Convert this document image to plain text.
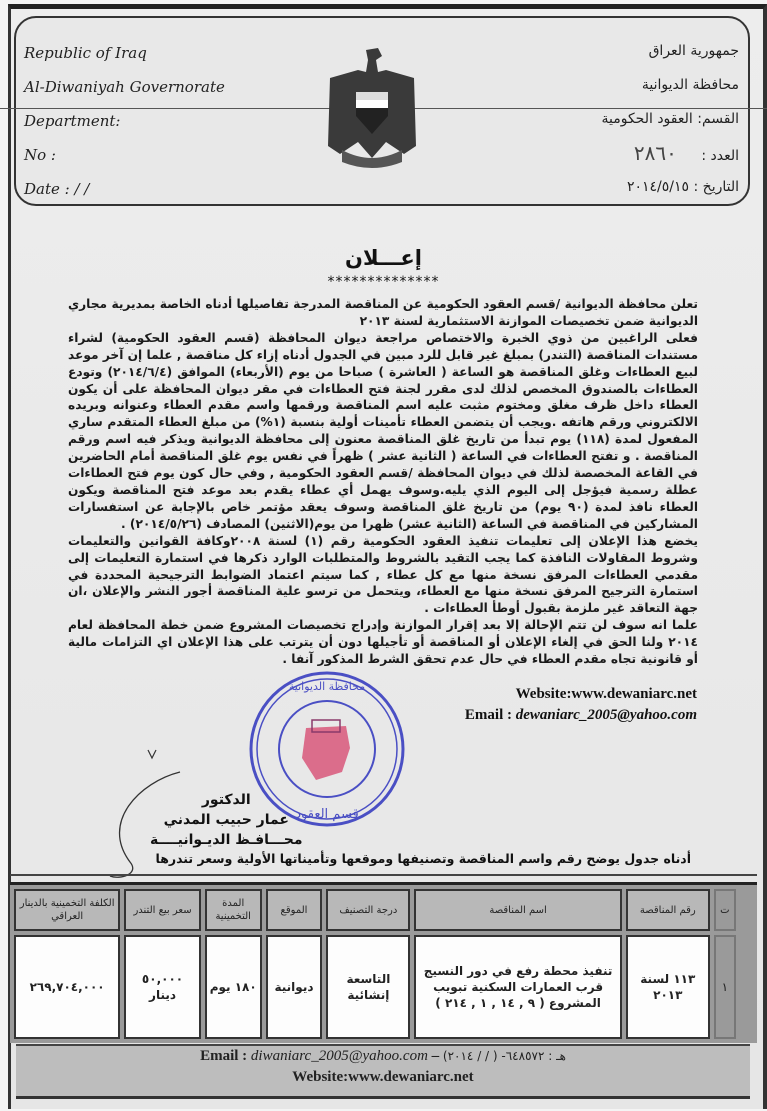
Republic of Iraq
Al-Diwaniyah Governorate
Department:
No :
Date : / /
جمهورية العراق
محافظة الديوانية
القسم: العقود الحكومية
العدد : ٢٨٦٠
التاريخ : ٢٠١٤/٥/١٥
إعـــلان
**************

تعلن محافظة الديوانية /قسم العقود الحكومية عن المناقصة المدرجة تفاصيلها أدناه الخاصة بمديرية مجاري الديوانية ضمن تخصيصات الموازنة الاستثمارية لسنة ٢٠١٣

فعلى الراغبين من ذوي الخبرة والاختصاص مراجعة ديوان المحافظة (قسم العقود الحكومية) لشراء مستندات المناقصة (التندر) بمبلغ غير قابل للرد مبين في الجدول أدناه إزاء كل مناقصة , علما إن آخر موعد لبيع العطاءات وغلق المناقصة هو الساعة ( العاشرة ) صباحا من يوم (الأربعاء) الموافق (٢٠١٤/٦/٤) وتودع العطاءات بالصندوق المخصص لذلك لدى مقرر لجنة فتح العطاءات في مقر ديوان المحافظة على أن يكون العطاء داخل ظرف مغلق ومختوم مثبت عليه اسم المناقصة ورقمها واسم مقدم العطاء وعنوانه وبريده الالكتروني ورقم هاتفه .ويجب أن يتضمن العطاء تأمينات أولية بنسبة (١%) من مبلغ العطاء المتقدم ساري المفعول لمدة (١١٨) يوم تبدأ من تاريخ غلق المناقصة معنون إلى محافظة الديوانية ويذكر فيه اسم ورقم المناقصة . و تفتح العطاءات في الساعة ( الثانية عشر ) ظهراً في نفس يوم غلق المناقصة أمام الحاضرين في القاعة المخصصة لذلك في ديوان المحافظة /قسم العقود الحكومية , وفي حال كون يوم فتح العطاءات عطلة رسمية فيؤجل إلى اليوم الذي يليه.وسوف يهمل أي عطاء يقدم بعد موعد فتح المناقصة ويكون العطاء نافذ لمدة (٩٠ يوم) من تاريخ غلق المناقصة وسوف يعقد مؤتمر خاص بالإجابة عن استفسارات المشاركين في المناقصة في الساعة (الثانية عشر) ظهرا من يوم(الاثنين) المصادف (٢٠١٤/٥/٢٦) .

يخضع هذا الإعلان إلى تعليمات تنفيذ العقود الحكومية رقم (١) لسنة ٢٠٠٨وكافة القوانين والتعليمات وشروط المقاولات النافذة كما يجب التقيد بالشروط والمتطلبات الوارد ذكرها في استمارة التعليمات إلى مقدمي العطاءات المرفق نسخة منها مع كل عطاء , كما سيتم اعتماد الضوابط الترجيحية المحددة في استمارة الترجيح المرفق نسخة منها مع العطاء، ويتحمل من ترسو علية المناقصة أجور النشر والإعلان ،ان جهة التعاقد غير ملزمة بقبول أوطأ العطاءات .

علما انه سوف لن تتم الإحالة إلا بعد إقرار الموازنة وإدراج تخصيصات المشروع ضمن خطة المحافظة لعام ٢٠١٤ ولنا الحق في إلغاء الإعلان أو المناقصة أو تأجيلها دون أن يترتب على هذا الإعلان اي التزامات مالية أو قانونية تجاه مقدم العطاء في حال عدم تحقق الشرط المذكور آنفا .

Website:www.dewaniarc.net
Email : dewaniarc_2005@yahoo.com
قسم العقود
محافظة الديوانية
الدكتور
عمار حبيب المدني
محـــافـظ الديـوانيــــة
أدناه جدول يوضح رقم واسم المناقصة وتصنيفها وموقعها وتأميناتها الأولية وسعر تندرها
ت	رقم المناقصة	اسم المناقصة	درجة التصنيف	الموقع	المدة التخمينية	سعر بيع التندر	الكلفة التخمينية بالدينار العراقي
١	١١٣ لسنة ٢٠١٣	تنفيذ محطة رفع في دور النسيج قرب العمارات السكنية تبويب المشروع ( ٩ , ١٤ , ١ , ٢١٤ )	التاسعة إنشائية	ديوانية	١٨٠ يوم	٥٠,٠٠٠ دينار	٢٦٩,٧٠٤,٠٠٠
Email : diwaniarc_2005@yahoo.com – هـ : ٦٤٨٥٧٢- ( / / ٢٠١٤)
Website:www.dewaniarc.net
